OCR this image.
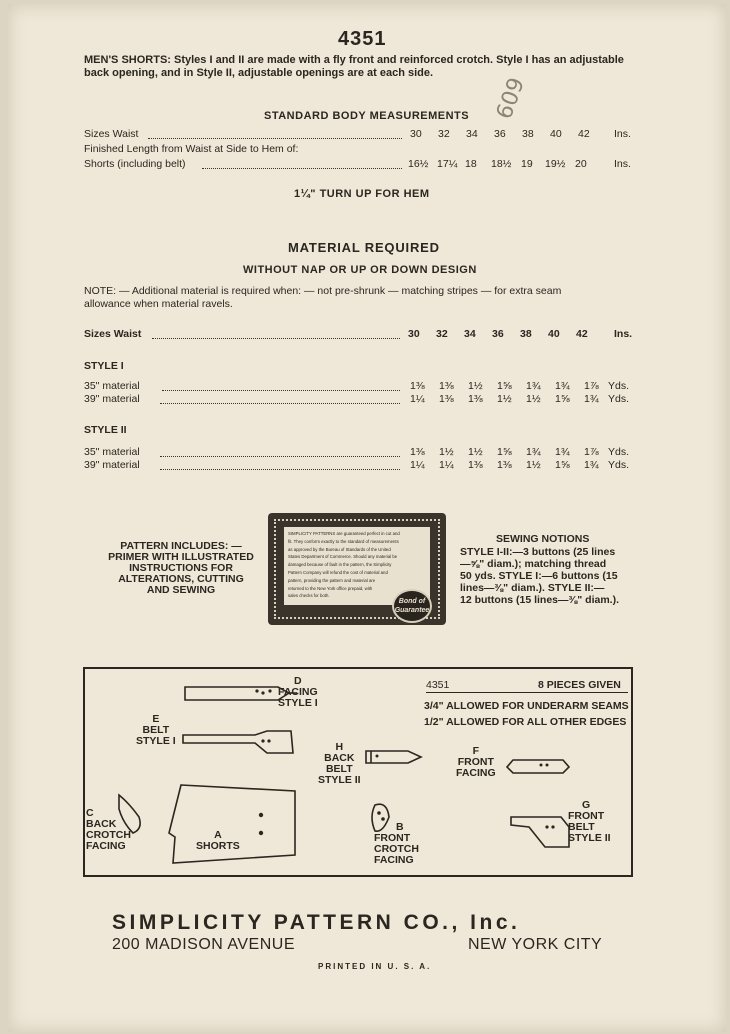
4351
MEN'S SHORTS: Styles I and II are made with a fly front and reinforced crotch. Style I has an adjustable back opening, and in Style II, adjustable openings are at each side.
609
STANDARD BODY MEASUREMENTS
Sizes Waist	30	32	34	36	38	40	42	Ins.
Finished Length from Waist at Side to Hem of:
Shorts (including belt)	16½ 17¼ 18	18½ 19	19½ 20	Ins.
1¼" TURN UP FOR HEM
MATERIAL REQUIRED
WITHOUT NAP OR UP OR DOWN DESIGN
NOTE: — Additional material is required when: — not pre-shrunk — matching stripes — for extra seam
allowance when material ravels.
Sizes Waist	30	32	34	36	38	40	42	Ins.
STYLE I
35" material	1⅜	1⅜	1½	1⅝	1¾	1¾	1⅞ Yds.
39" material	1¼	1⅜	1⅜	1½	1½	1⅝	1¾ Yds.
STYLE II
35" material	1⅜	1½	1½	1⅝	1¾	1¾	1⅞ Yds.
39" material	1¼	1¼	1⅜	1⅜	1½	1⅝	1¾ Yds.
PATTERN INCLUDES: —
PRIMER WITH ILLUSTRATED
INSTRUCTIONS FOR
ALTERATIONS, CUTTING
AND SEWING
SIMPLICITY PATTERNS are guaranteed perfect in cut and
fit. They conform exactly to the standard of measurements
as approved by the Bureau of Standards of the United
States Department of Commerce. Should any material be
damaged because of fault in the pattern, the Simplicity
Pattern Company will refund the cost of material and
pattern, providing the pattern and material are
returned to the New York office prepaid, with
sales checks for both.
Bond of
Guarantee
SEWING NOTIONS
STYLE I-II:—3 buttons (25 lines
—⅝" diam.); matching thread
50 yds. STYLE I:—6 buttons (15
lines—⅜" diam.). STYLE II:—
12 buttons (15 lines—⅜" diam.).
4351	8 PIECES GIVEN
3/4" ALLOWED FOR UNDERARM SEAMS
1/2" ALLOWED FOR ALL OTHER EDGES
D
FACING
STYLE I
E
BELT
STYLE I	H
BACK
BELT
STYLE II
F
FRONT
FACING
C
BACK
CROTCH
FACING
A
SHORTS
B
FRONT
CROTCH
FACING
G
FRONT
BELT
STYLE II
SIMPLICITY PATTERN CO., Inc.
200 MADISON AVENUE	NEW YORK CITY
PRINTED IN U. S. A.
